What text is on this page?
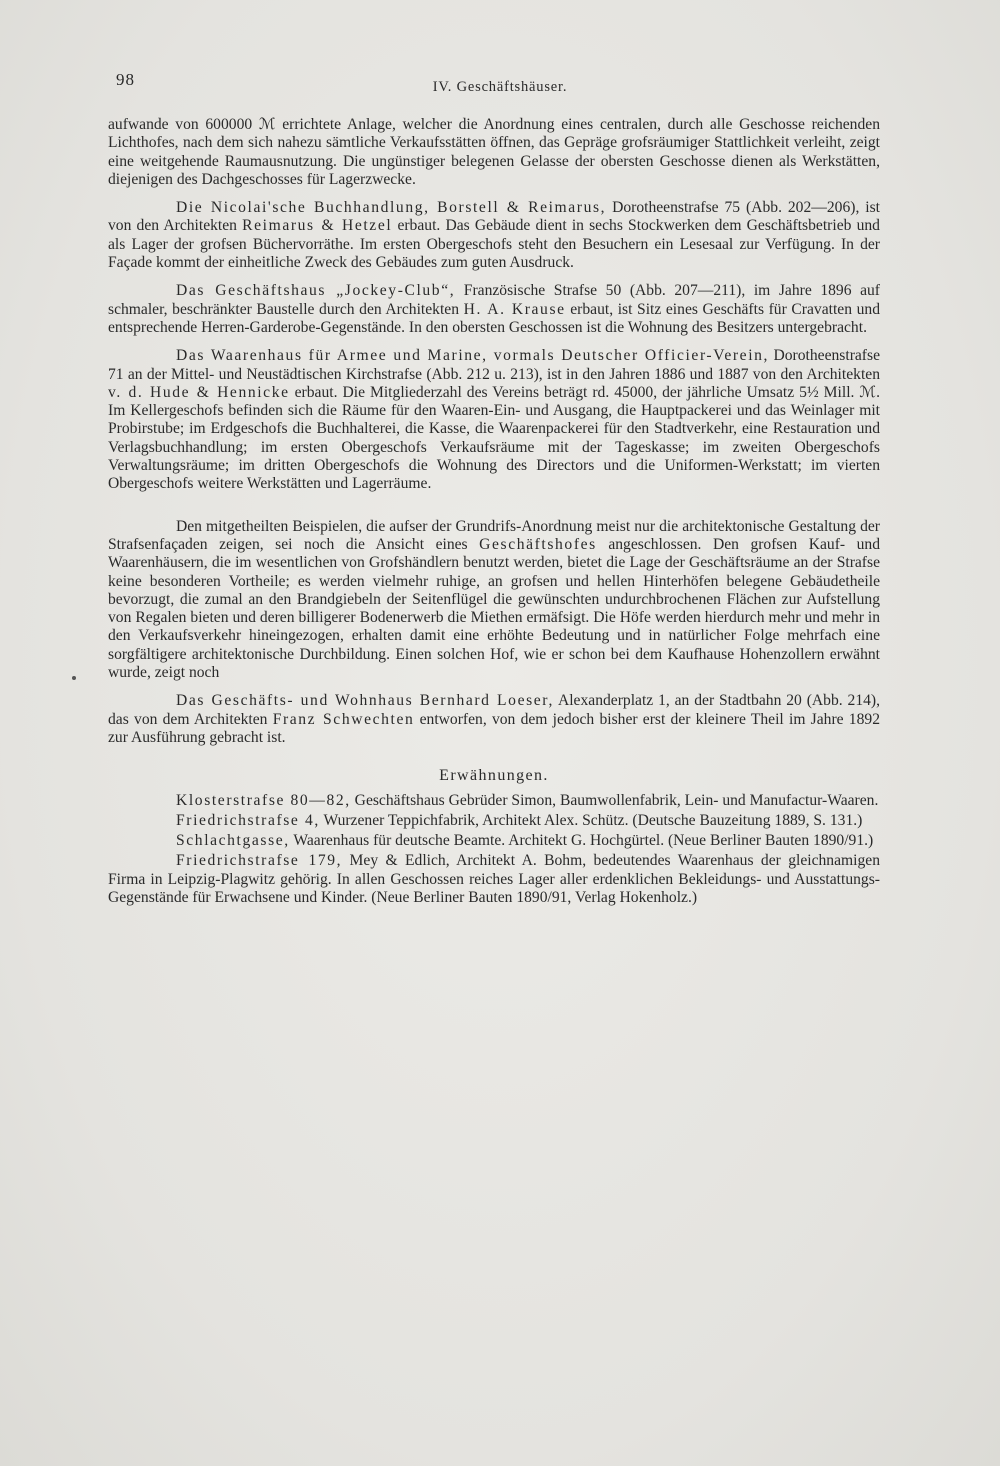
98	IV. Geschäftshäuser.

aufwande von 600000 ℳ errichtete Anlage, welcher die Anordnung eines centralen, durch alle Geschosse reichenden Lichthofes, nach dem sich nahezu sämtliche Verkaufsstätten öffnen, das Gepräge grofsräumiger Stattlichkeit verleiht, zeigt eine weitgehende Raumausnutzung. Die ungünstiger belegenen Gelasse der obersten Geschosse dienen als Werkstätten, diejenigen des Dachgeschosses für Lagerzwecke.

Die Nicolai'sche Buchhandlung, Borstell & Reimarus, Dorotheenstrafse 75 (Abb. 202—206), ist von den Architekten Reimarus & Hetzel erbaut. Das Gebäude dient in sechs Stockwerken dem Geschäftsbetrieb und als Lager der grofsen Büchervorräthe. Im ersten Obergeschofs steht den Besuchern ein Lesesaal zur Verfügung. In der Façade kommt der einheitliche Zweck des Gebäudes zum guten Ausdruck.

Das Geschäftshaus „Jockey-Club“, Französische Strafse 50 (Abb. 207—211), im Jahre 1896 auf schmaler, beschränkter Baustelle durch den Architekten H. A. Krause erbaut, ist Sitz eines Geschäfts für Cravatten und entsprechende Herren-Garderobe-Gegenstände. In den obersten Geschossen ist die Wohnung des Besitzers untergebracht.

Das Waarenhaus für Armee und Marine, vormals Deutscher Officier-Verein, Dorotheenstrafse 71 an der Mittel- und Neustädtischen Kirchstrafse (Abb. 212 u. 213), ist in den Jahren 1886 und 1887 von den Architekten v. d. Hude & Hennicke erbaut. Die Mitgliederzahl des Vereins beträgt rd. 45000, der jährliche Umsatz 5½ Mill. ℳ. Im Kellergeschofs befinden sich die Räume für den Waaren-Ein- und Ausgang, die Hauptpackerei und das Weinlager mit Probirstube; im Erdgeschofs die Buchhalterei, die Kasse, die Waarenpackerei für den Stadtverkehr, eine Restauration und Verlagsbuchhandlung; im ersten Obergeschofs Verkaufsräume mit der Tageskasse; im zweiten Obergeschofs Verwaltungsräume; im dritten Obergeschofs die Wohnung des Directors und die Uniformen-Werkstatt; im vierten Obergeschofs weitere Werkstätten und Lagerräume.

Den mitgetheilten Beispielen, die aufser der Grundrifs-Anordnung meist nur die architektonische Gestaltung der Strafsenfaçaden zeigen, sei noch die Ansicht eines Geschäftshofes angeschlossen. Den grofsen Kauf- und Waarenhäusern, die im wesentlichen von Grofshändlern benutzt werden, bietet die Lage der Geschäftsräume an der Strafse keine besonderen Vortheile; es werden vielmehr ruhige, an grofsen und hellen Hinterhöfen belegene Gebäudetheile bevorzugt, die zumal an den Brandgiebeln der Seitenflügel die gewünschten undurchbrochenen Flächen zur Aufstellung von Regalen bieten und deren billigerer Bodenerwerb die Miethen ermäfsigt. Die Höfe werden hierdurch mehr und mehr in den Verkaufsverkehr hineingezogen, erhalten damit eine erhöhte Bedeutung und in natürlicher Folge mehrfach eine sorgfältigere architektonische Durchbildung. Einen solchen Hof, wie er schon bei dem Kaufhause Hohenzollern erwähnt wurde, zeigt noch

Das Geschäfts- und Wohnhaus Bernhard Loeser, Alexanderplatz 1, an der Stadtbahn 20 (Abb. 214), das von dem Architekten Franz Schwechten entworfen, von dem jedoch bisher erst der kleinere Theil im Jahre 1892 zur Ausführung gebracht ist.

Erwähnungen.

Klosterstrafse 80—82, Geschäftshaus Gebrüder Simon, Baumwollenfabrik, Lein- und Manufactur-Waaren.

Friedrichstrafse 4, Wurzener Teppichfabrik, Architekt Alex. Schütz. (Deutsche Bauzeitung 1889, S. 131.)

Schlachtgasse, Waarenhaus für deutsche Beamte. Architekt G. Hochgürtel. (Neue Berliner Bauten 1890/91.)

Friedrichstrafse 179, Mey & Edlich, Architekt A. Bohm, bedeutendes Waarenhaus der gleichnamigen Firma in Leipzig-Plagwitz gehörig. In allen Geschossen reiches Lager aller erdenklichen Bekleidungs- und Ausstattungs-Gegenstände für Erwachsene und Kinder. (Neue Berliner Bauten 1890/91, Verlag Hokenholz.)
